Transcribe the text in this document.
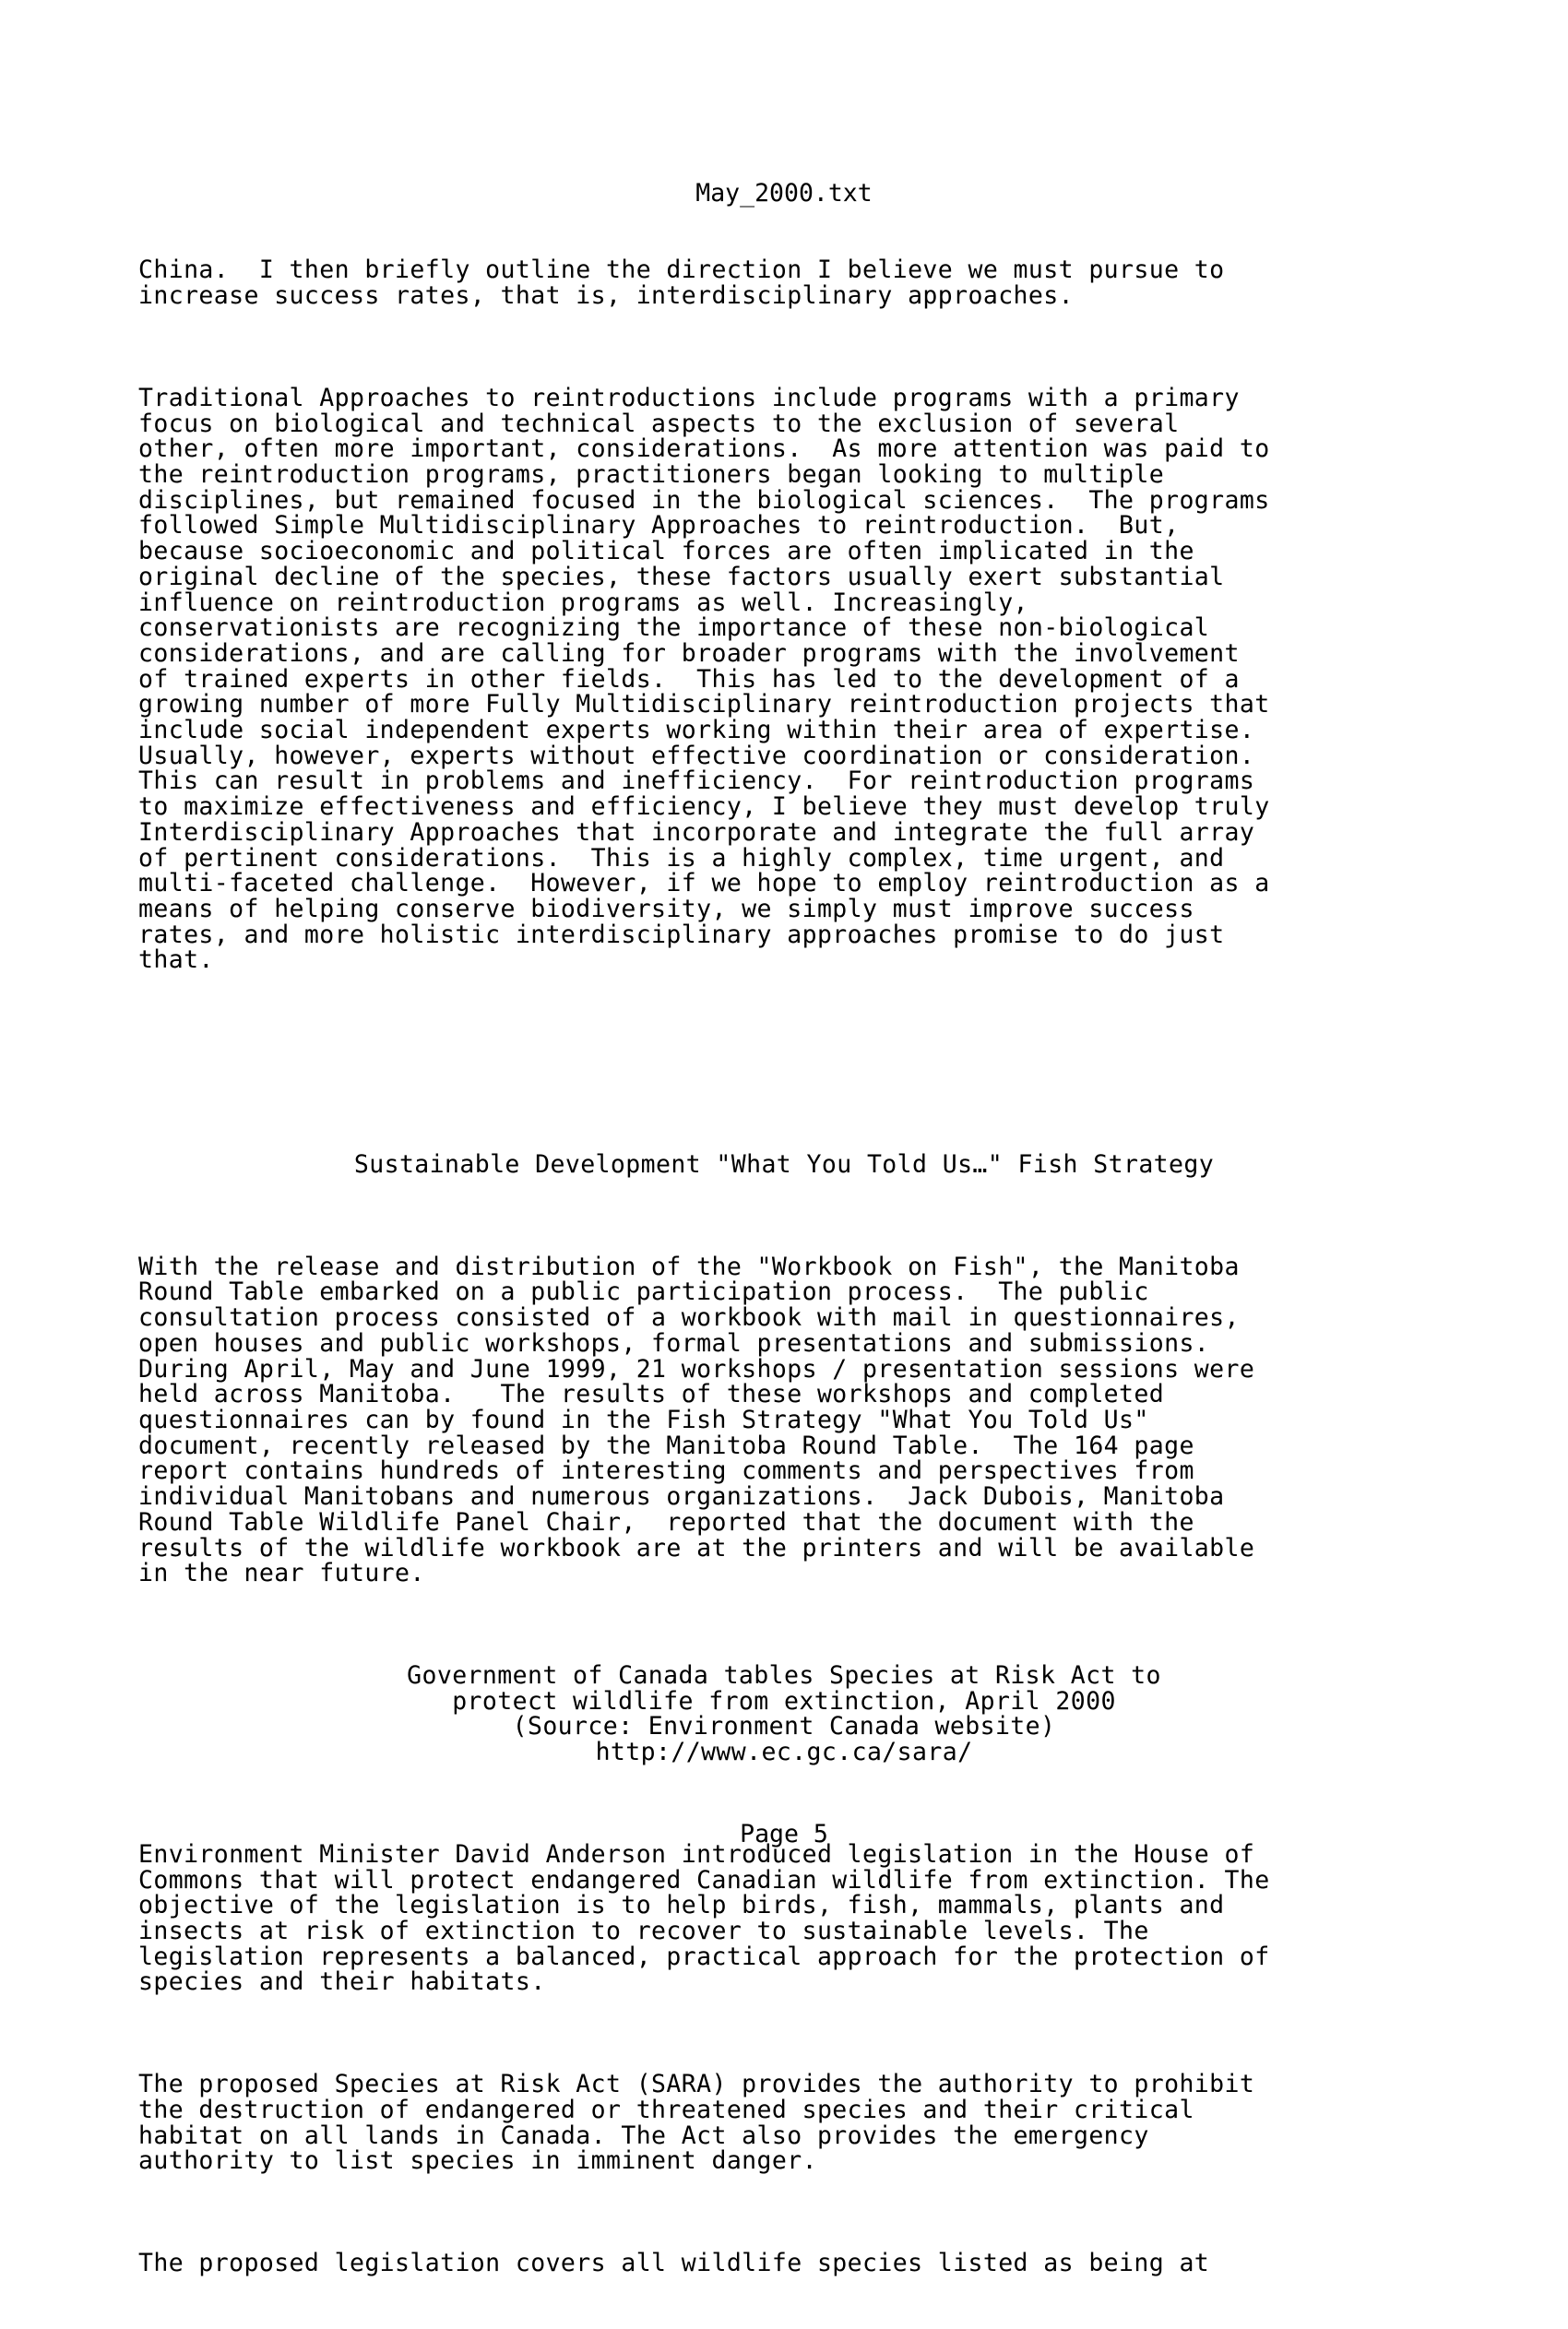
May_2000.txt

China.  I then briefly outline the direction I believe we must pursue to
increase success rates, that is, interdisciplinary approaches.

Traditional Approaches to reintroductions include programs with a primary
focus on biological and technical aspects to the exclusion of several
other, often more important, considerations.  As more attention was paid to
the reintroduction programs, practitioners began looking to multiple
disciplines, but remained focused in the biological sciences.  The programs
followed Simple Multidisciplinary Approaches to reintroduction.  But,
because socioeconomic and political forces are often implicated in the
original decline of the species, these factors usually exert substantial
influence on reintroduction programs as well. Increasingly,
conservationists are recognizing the importance of these non-biological
considerations, and are calling for broader programs with the involvement
of trained experts in other fields.  This has led to the development of a
growing number of more Fully Multidisciplinary reintroduction projects that
include social independent experts working within their area of expertise.
Usually, however, experts without effective coordination or consideration.
This can result in problems and inefficiency.  For reintroduction programs
to maximize effectiveness and efficiency, I believe they must develop truly
Interdisciplinary Approaches that incorporate and integrate the full array
of pertinent considerations.  This is a highly complex, time urgent, and
multi-faceted challenge.  However, if we hope to employ reintroduction as a
means of helping conserve biodiversity, we simply must improve success
rates, and more holistic interdisciplinary approaches promise to do just
that.

Sustainable Development "What You Told Us…" Fish Strategy

With the release and distribution of the "Workbook on Fish", the Manitoba
Round Table embarked on a public participation process.  The public
consultation process consisted of a workbook with mail in questionnaires,
open houses and public workshops, formal presentations and submissions.
During April, May and June 1999, 21 workshops / presentation sessions were
held across Manitoba.   The results of these workshops and completed
questionnaires can by found in the Fish Strategy "What You Told Us"
document, recently released by the Manitoba Round Table.  The 164 page
report contains hundreds of interesting comments and perspectives from
individual Manitobans and numerous organizations.  Jack Dubois, Manitoba
Round Table Wildlife Panel Chair,  reported that the document with the
results of the wildlife workbook are at the printers and will be available
in the near future.

Government of Canada tables Species at Risk Act to
protect wildlife from extinction, April 2000
(Source: Environment Canada website)
http://www.ec.gc.ca/sara/

Environment Minister David Anderson introduced legislation in the House of
Commons that will protect endangered Canadian wildlife from extinction. The
objective of the legislation is to help birds, fish, mammals, plants and
insects at risk of extinction to recover to sustainable levels. The
legislation represents a balanced, practical approach for the protection of
species and their habitats.

The proposed Species at Risk Act (SARA) provides the authority to prohibit
the destruction of endangered or threatened species and their critical
habitat on all lands in Canada. The Act also provides the emergency
authority to list species in imminent danger.

The proposed legislation covers all wildlife species listed as being at

Page 5
